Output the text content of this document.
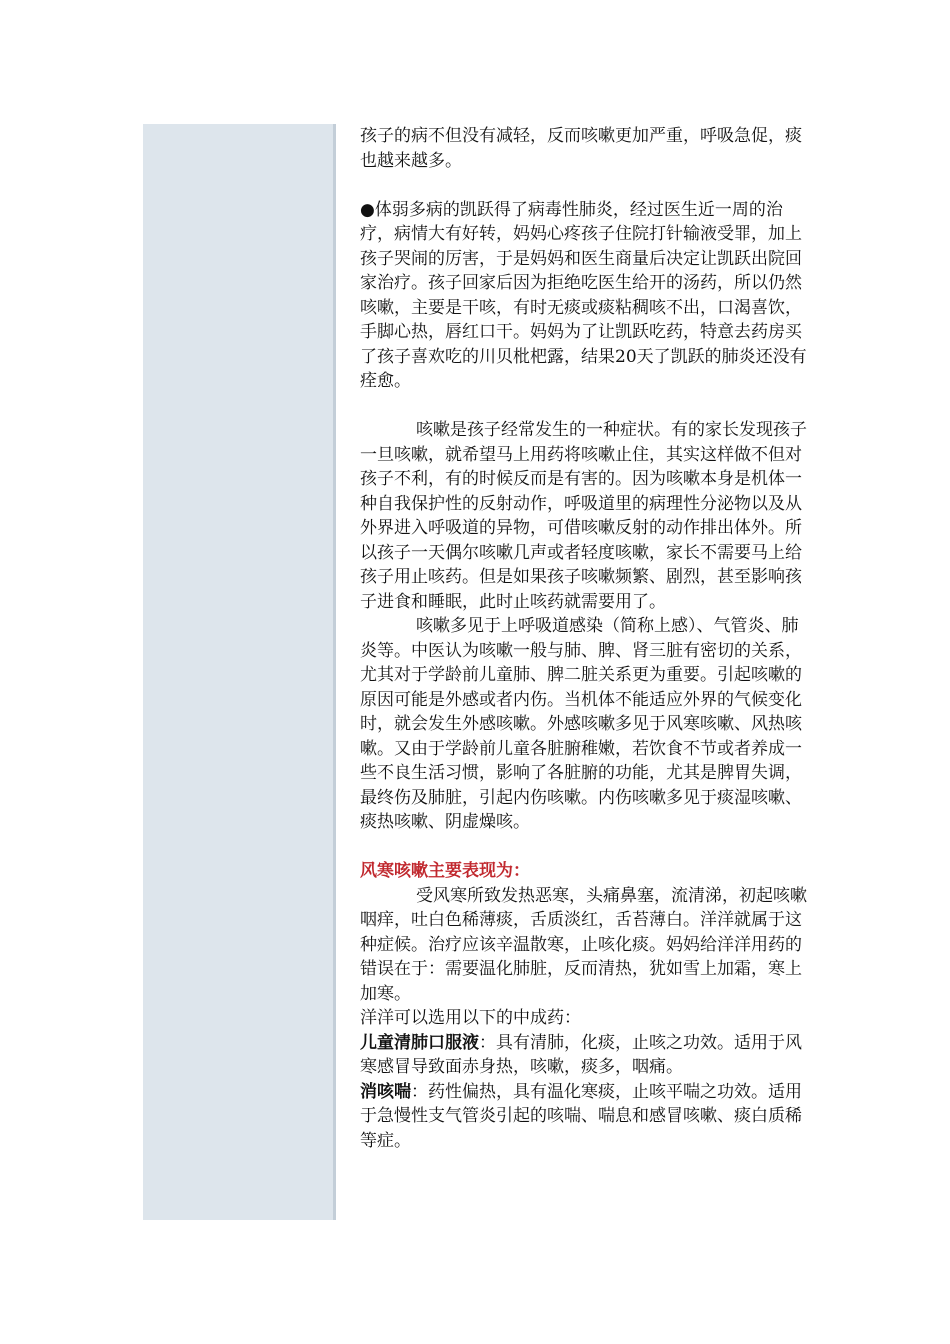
孩子的病不但没有减轻，反而咳嗽更加严重，呼吸急促，痰也越来越多。

●体弱多病的凯跃得了病毒性肺炎，经过医生近一周的治疗，病情大有好转，妈妈心疼孩子住院打针输液受罪，加上孩子哭闹的厉害，于是妈妈和医生商量后决定让凯跃出院回家治疗。孩子回家后因为拒绝吃医生给开的汤药，所以仍然咳嗽，主要是干咳，有时无痰或痰粘稠咳不出，口渴喜饮，手脚心热，唇红口干。妈妈为了让凯跃吃药，特意去药房买了孩子喜欢吃的川贝枇杷露，结果20天了凯跃的肺炎还没有痊愈。

咳嗽是孩子经常发生的一种症状。有的家长发现孩子一旦咳嗽，就希望马上用药将咳嗽止住，其实这样做不但对孩子不利，有的时候反而是有害的。因为咳嗽本身是机体一种自我保护性的反射动作，呼吸道里的病理性分泌物以及从外界进入呼吸道的异物，可借咳嗽反射的动作排出体外。所以孩子一天偶尔咳嗽几声或者轻度咳嗽，家长不需要马上给孩子用止咳药。但是如果孩子咳嗽频繁、剧烈，甚至影响孩子进食和睡眠，此时止咳药就需要用了。

咳嗽多见于上呼吸道感染（简称上感）、气管炎、肺炎等。中医认为咳嗽一般与肺、脾、肾三脏有密切的关系，尤其对于学龄前儿童肺、脾二脏关系更为重要。引起咳嗽的原因可能是外感或者内伤。当机体不能适应外界的气候变化时，就会发生外感咳嗽。外感咳嗽多见于风寒咳嗽、风热咳嗽。又由于学龄前儿童各脏腑稚嫩，若饮食不节或者养成一些不良生活习惯，影响了各脏腑的功能，尤其是脾胃失调，最终伤及肺脏，引起内伤咳嗽。内伤咳嗽多见于痰湿咳嗽、痰热咳嗽、阴虚燥咳。

风寒咳嗽主要表现为：

受风寒所致发热恶寒，头痛鼻塞，流清涕，初起咳嗽咽痒，吐白色稀薄痰，舌质淡红，舌苔薄白。洋洋就属于这种症候。治疗应该辛温散寒，止咳化痰。妈妈给洋洋用药的错误在于：需要温化肺脏，反而清热，犹如雪上加霜，寒上加寒。

洋洋可以选用以下的中成药：

儿童清肺口服液：具有清肺，化痰，止咳之功效。适用于风寒感冒导致面赤身热，咳嗽，痰多，咽痛。

消咳喘：药性偏热，具有温化寒痰，止咳平喘之功效。适用于急慢性支气管炎引起的咳喘、喘息和感冒咳嗽、痰白质稀等症。
